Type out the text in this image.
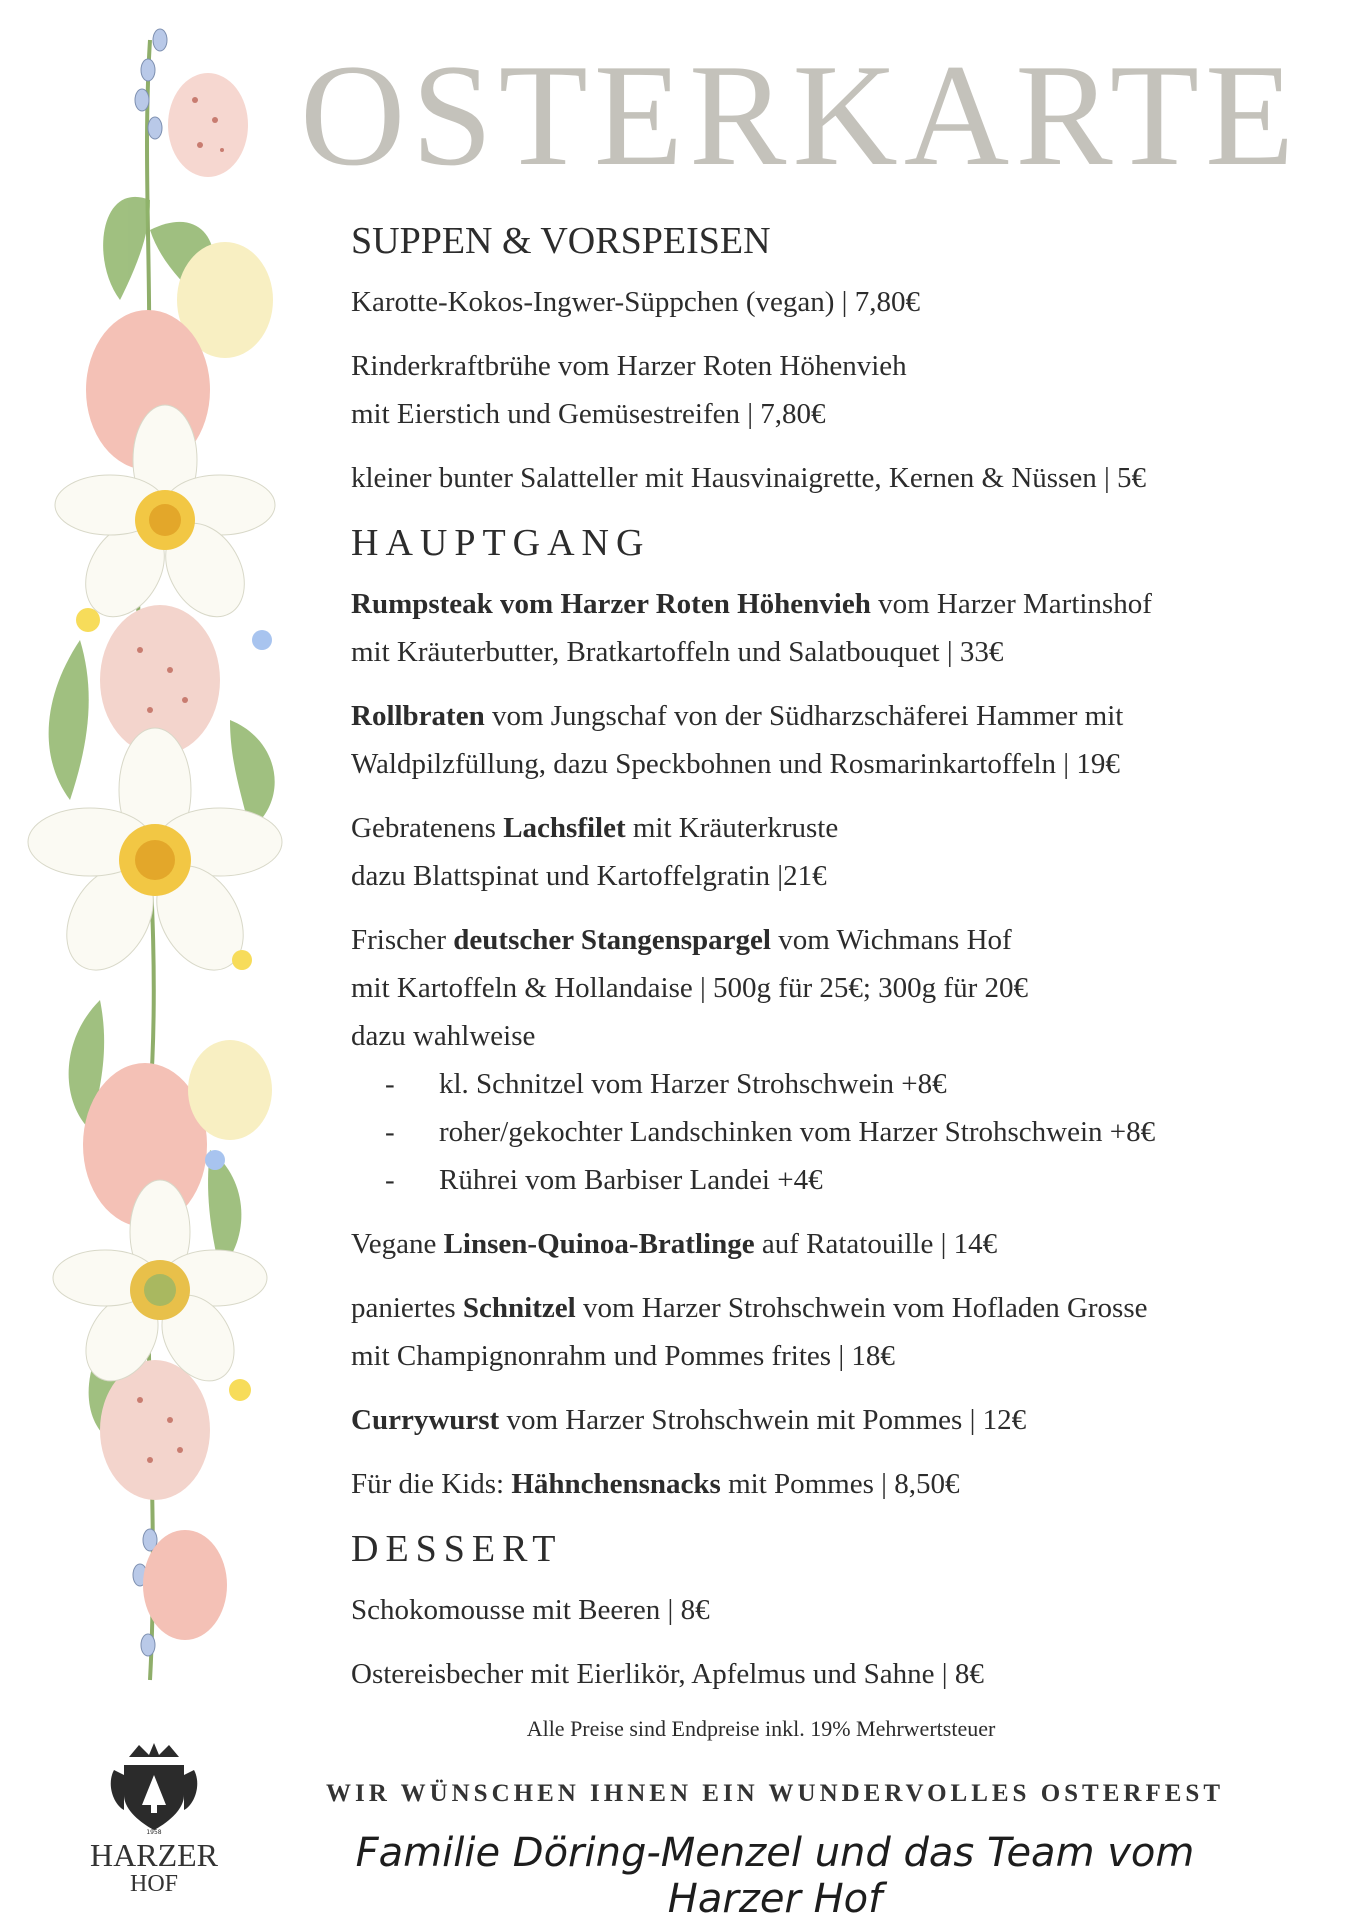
OSTERKARTE
SUPPEN & VORSPEISEN

Karotte-Kokos-Ingwer-Süppchen (vegan) | 7,80€

Rinderkraftbrühe vom Harzer Roten Höhenvieh

mit Eierstich und Gemüsestreifen | 7,80€

kleiner bunter Salatteller mit Hausvinaigrette, Kernen & Nüssen | 5€

HAUPTGANG

Rumpsteak vom Harzer Roten Höhenvieh vom Harzer Martinshof

mit Kräuterbutter, Bratkartoffeln und Salatbouquet | 33€

Rollbraten vom Jungschaf von der Südharzschäferei Hammer mit

Waldpilzfüllung, dazu Speckbohnen und Rosmarinkartoffeln | 19€

Gebratenens Lachsfilet mit Kräuterkruste

dazu Blattspinat und Kartoffelgratin |21€

Frischer deutscher Stangenspargel vom Wichmans Hof

mit Kartoffeln & Hollandaise | 500g für 25€; 300g für 20€

dazu wahlweise

- kl. Schnitzel vom Harzer Strohschwein +8€
- roher/gekochter Landschinken vom Harzer Strohschwein +8€
- Rührei vom Barbiser Landei +4€

Vegane Linsen-Quinoa-Bratlinge auf Ratatouille | 14€

paniertes Schnitzel vom Harzer Strohschwein vom Hofladen Grosse

mit Champignonrahm und Pommes frites | 18€

Currywurst vom Harzer Strohschwein mit Pommes | 12€

Für die Kids: Hähnchensnacks mit Pommes | 8,50€

DESSERT

Schokomousse mit Beeren | 8€

Ostereisbecher mit Eierlikör, Apfelmus und Sahne | 8€

Alle Preise sind Endpreise inkl. 19% Mehrwertsteuer

1958
HARZER
HOF
WIR WÜNSCHEN IHNEN EIN WUNDERVOLLES OSTERFEST
Familie Döring-Menzel und das Team vom Harzer Hof
